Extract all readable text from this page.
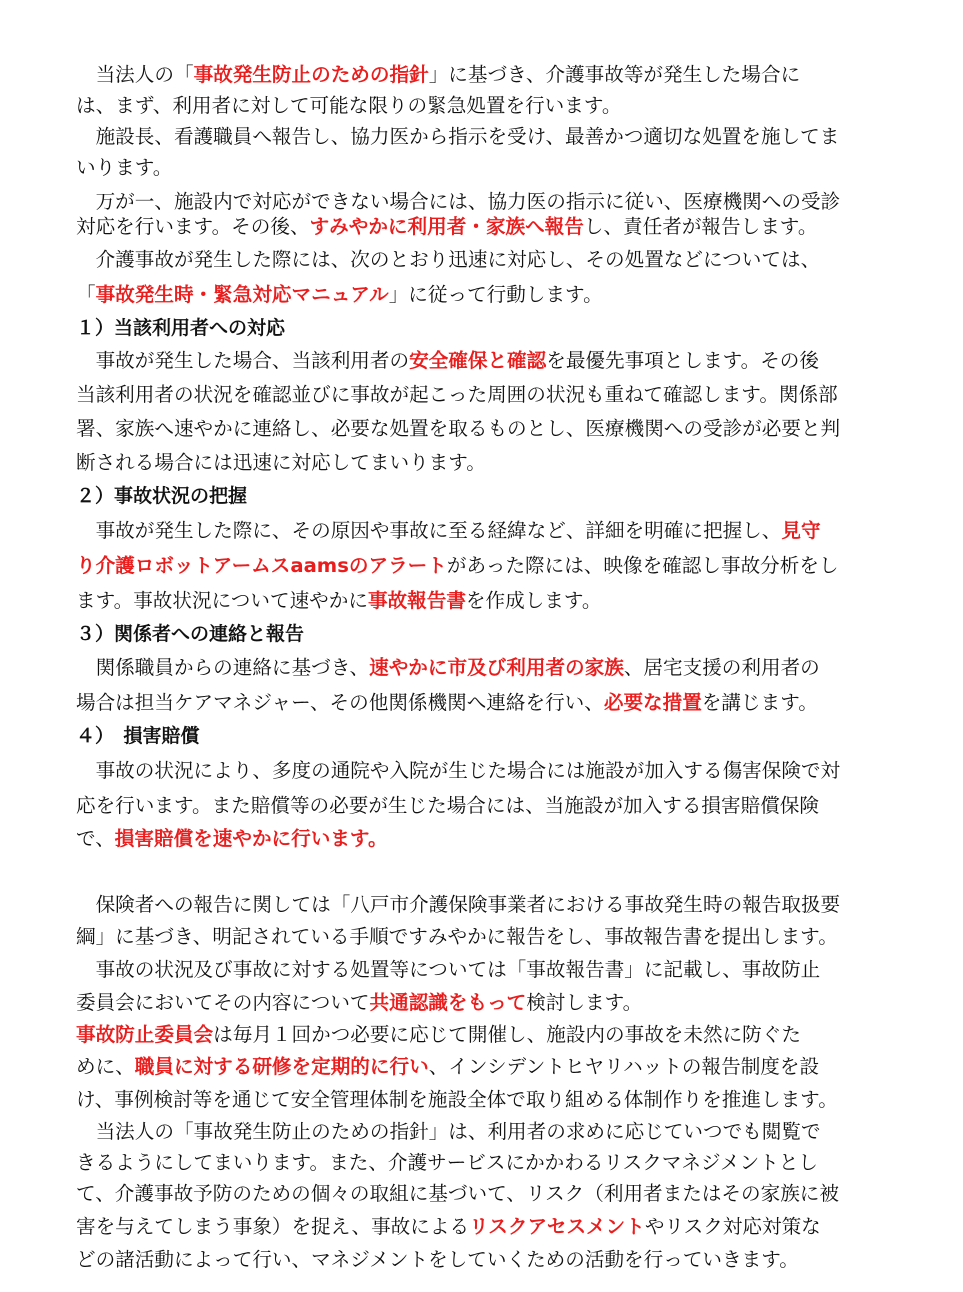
　当法人の「事故発生防止のための指針」に基づき、介護事故等が発生した場合に
は、まず、利用者に対して可能な限りの緊急処置を行います。
　施設長、看護職員へ報告し、協力医から指示を受け、最善かつ適切な処置を施してま
いります。
　万が一、施設内で対応ができない場合には、協力医の指示に従い、医療機関への受診
対応を行います。その後、すみやかに利用者・家族へ報告し、責任者が報告します。
　介護事故が発生した際には、次のとおり迅速に対応し、その処置などについては、
「事故発生時・緊急対応マニュアル」に従って行動します。
１）当該利用者への対応
　事故が発生した場合、当該利用者の安全確保と確認を最優先事項とします。その後
当該利用者の状況を確認並びに事故が起こった周囲の状況も重ねて確認します。関係部
署、家族へ速やかに連絡し、必要な処置を取るものとし、医療機関への受診が必要と判
断される場合には迅速に対応してまいります。
２）事故状況の把握
　事故が発生した際に、その原因や事故に至る経緯など、詳細を明確に把握し、見守
り介護ロボットアームスaamsのアラートがあった際には、映像を確認し事故分析をし
ます。事故状況について速やかに事故報告書を作成します。
３）関係者への連絡と報告
　関係職員からの連絡に基づき、速やかに市及び利用者の家族、居宅支援の利用者の
場合は担当ケアマネジャー、その他関係機関へ連絡を行い、必要な措置を講じます。
４）　損害賠償
　事故の状況により、多度の通院や入院が生じた場合には施設が加入する傷害保険で対
応を行います。また賠償等の必要が生じた場合には、当施設が加入する損害賠償保険
で、損害賠償を速やかに行います。
　保険者への報告に関しては「八戸市介護保険事業者における事故発生時の報告取扱要
綱」に基づき、明記されている手順ですみやかに報告をし、事故報告書を提出します。
　事故の状況及び事故に対する処置等については「事故報告書」に記載し、事故防止
委員会においてその内容について共通認識をもって検討します。
事故防止委員会は毎月１回かつ必要に応じて開催し、施設内の事故を未然に防ぐた
めに、職員に対する研修を定期的に行い、インシデントヒヤリハットの報告制度を設
け、事例検討等を通じて安全管理体制を施設全体で取り組める体制作りを推進します。
　当法人の「事故発生防止のための指針」は、利用者の求めに応じていつでも閲覧で
きるようにしてまいります。また、介護サービスにかかわるリスクマネジメントとし
て、介護事故予防のための個々の取組に基づいて、リスク（利用者またはその家族に被
害を与えてしまう事象）を捉え、事故によるリスクアセスメントやリスク対応対策な
どの諸活動によって行い、マネジメントをしていくための活動を行っていきます。
